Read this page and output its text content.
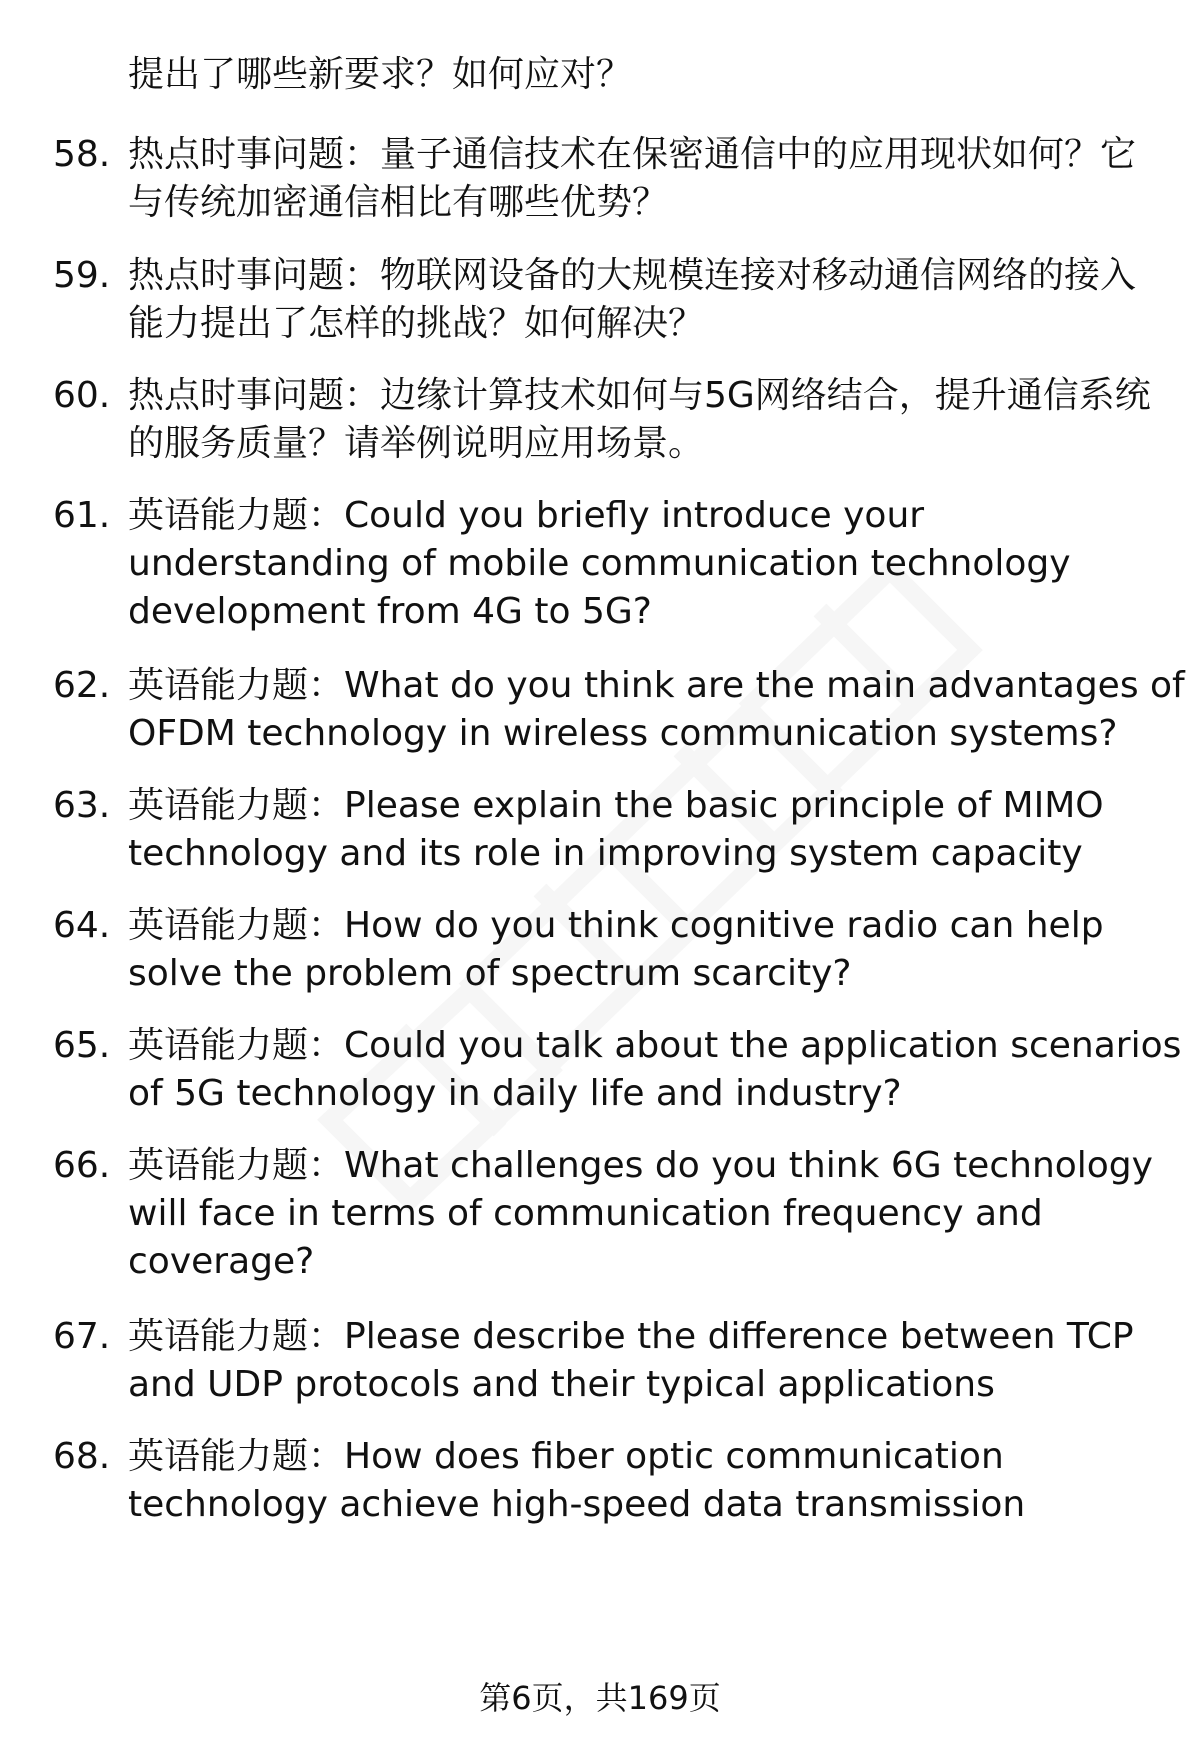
提出了哪些新要求？如何应对？
58. 热点时事问题：量子通信技术在保密通信中的应用现状如何？它
与传统加密通信相比有哪些优势？
59. 热点时事问题：物联网设备的大规模连接对移动通信网络的接入
能力提出了怎样的挑战？如何解决？
60. 热点时事问题：边缘计算技术如何与5G网络结合，提升通信系统
的服务质量？请举例说明应用场景。
61. 英语能力题：Could you briefly introduce your
understanding of mobile communication technology
development from 4G to 5G?
62. 英语能力题：What do you think are the main advantages of
OFDM technology in wireless communication systems?
63. 英语能力题：Please explain the basic principle of MIMO
technology and its role in improving system capacity
64. 英语能力题：How do you think cognitive radio can help
solve the problem of spectrum scarcity?
65. 英语能力题：Could you talk about the application scenarios
of 5G technology in daily life and industry?
66. 英语能力题：What challenges do you think 6G technology
will face in terms of communication frequency and
coverage?
67. 英语能力题：Please describe the difference between TCP
and UDP protocols and their typical applications
68. 英语能力题：How does fiber optic communication
technology achieve high-speed data transmission
第6页，共169页
